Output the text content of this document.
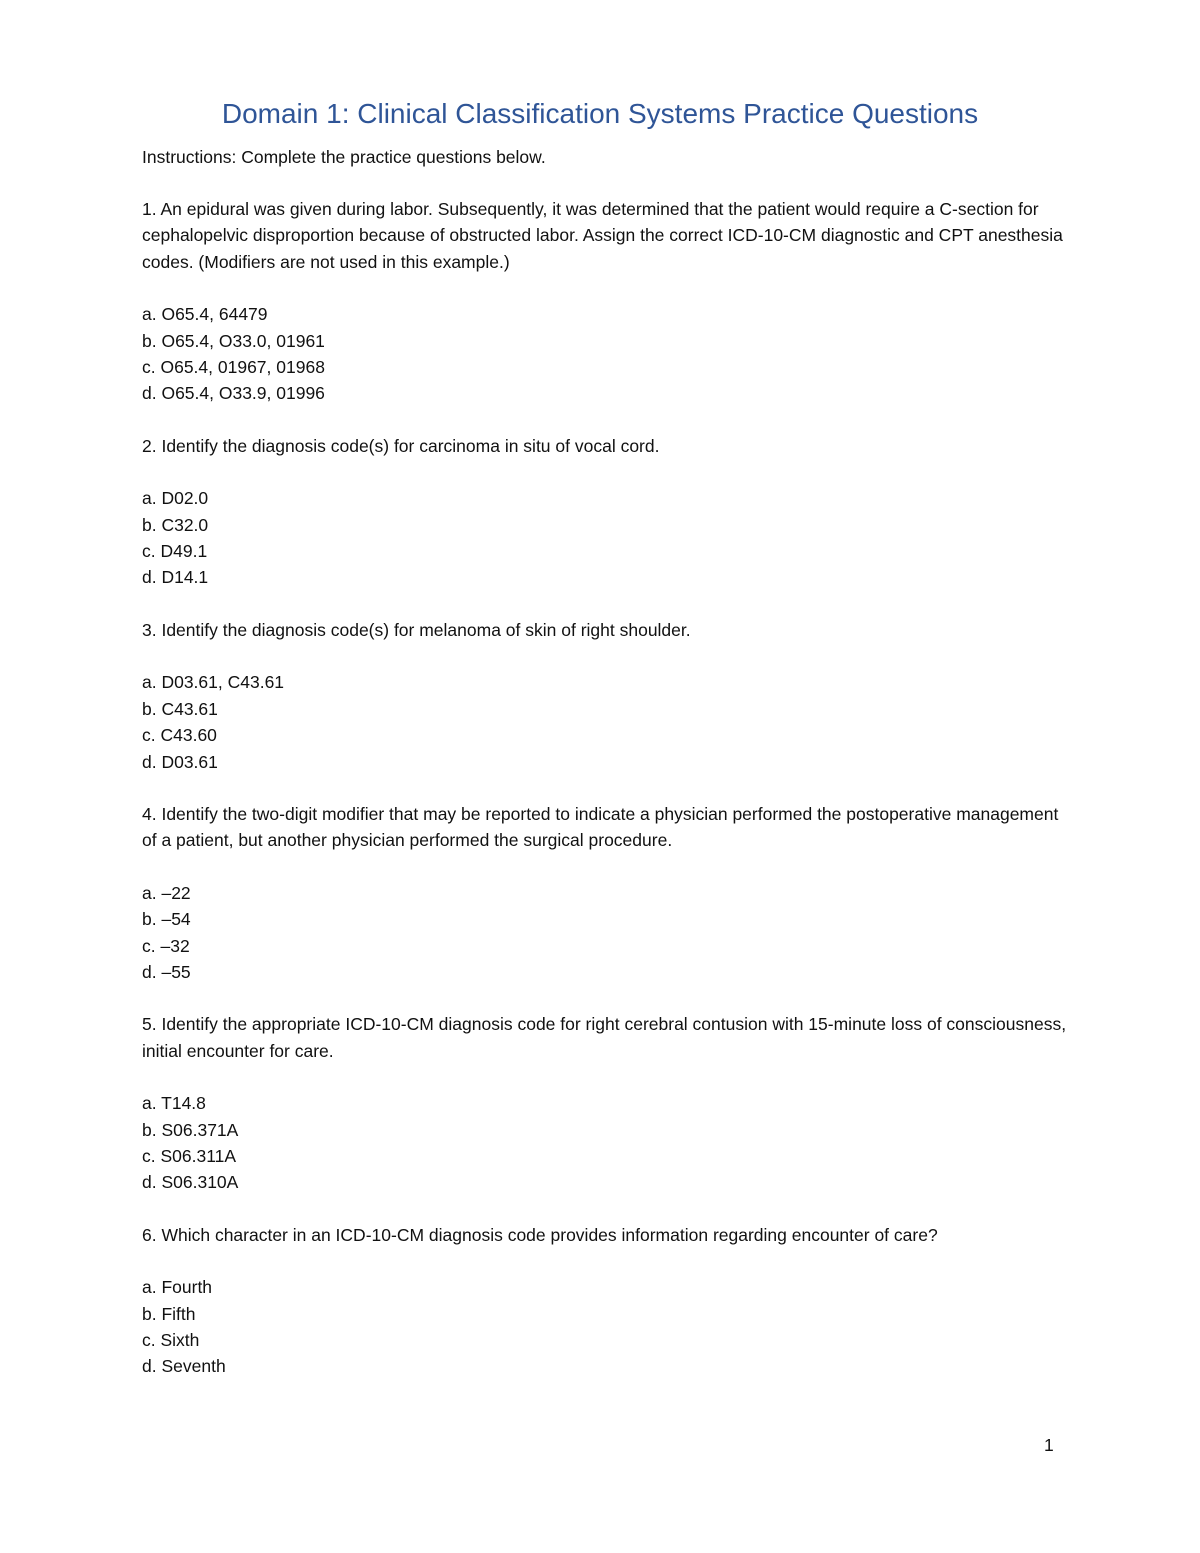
Domain 1: Clinical Classification Systems Practice Questions

Instructions: Complete the practice questions below.

1. An epidural was given during labor. Subsequently, it was determined that the patient would require a C-section for cephalopelvic disproportion because of obstructed labor. Assign the correct ICD-10-CM diagnostic and CPT anesthesia codes. (Modifiers are not used in this example.)

a. O65.4, 64479
b. O65.4, O33.0, 01961
c. O65.4, 01967, 01968
d. O65.4, O33.9, 01996

2. Identify the diagnosis code(s) for carcinoma in situ of vocal cord.

a. D02.0
b. C32.0
c. D49.1
d. D14.1

3. Identify the diagnosis code(s) for melanoma of skin of right shoulder.

a. D03.61, C43.61
b. C43.61
c. C43.60
d. D03.61

4. Identify the two-digit modifier that may be reported to indicate a physician performed the postoperative management of a patient, but another physician performed the surgical procedure.

a. –22
b. –54
c. –32
d. –55

5. Identify the appropriate ICD-10-CM diagnosis code for right cerebral contusion with 15-minute loss of consciousness, initial encounter for care.

a. T14.8
b. S06.371A
c. S06.311A
d. S06.310A

6. Which character in an ICD-10-CM diagnosis code provides information regarding encounter of care?

a. Fourth
b. Fifth
c. Sixth
d. Seventh
1
